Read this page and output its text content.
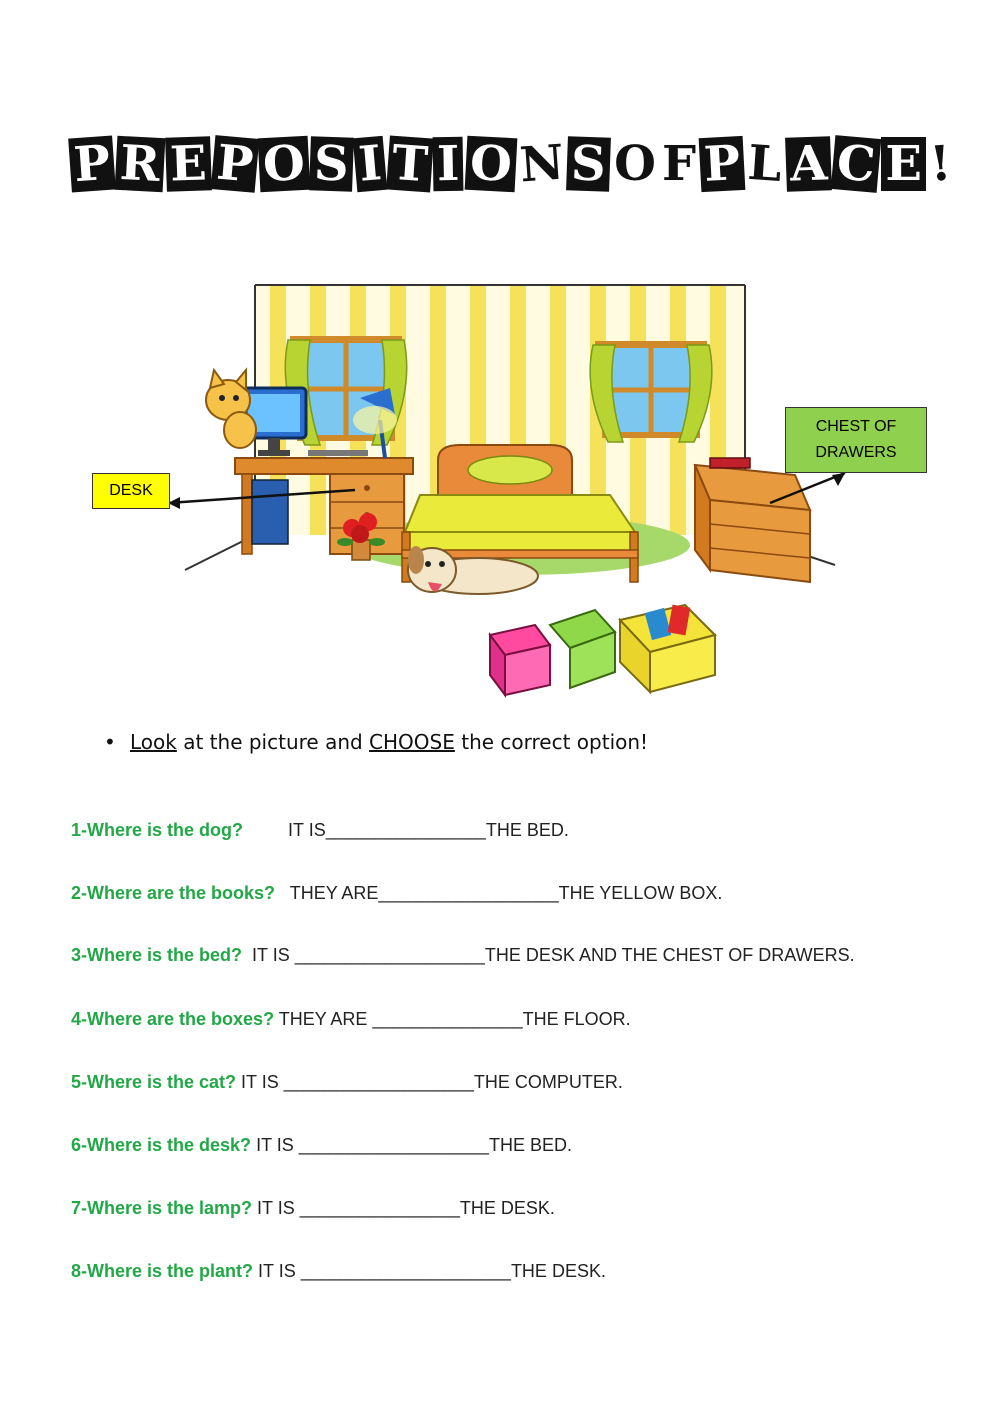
P R E P O S I T I O N S O F P L A C E !
DESK
CHEST OF DRAWERS
• Look at the picture and CHOOSE the correct option!
1-Where is the dog?         IT IS________________THE BED.
2-Where are the books?   THEY ARE__________________THE YELLOW BOX.
3-Where is the bed?  IT IS ___________________THE DESK AND THE CHEST OF DRAWERS.
4-Where are the boxes? THEY ARE _______________THE FLOOR.
5-Where is the cat? IT IS ___________________THE COMPUTER.
6-Where is the desk? IT IS ___________________THE BED.
7-Where is the lamp? IT IS ________________THE DESK.
8-Where is the plant? IT IS _____________________THE DESK.
